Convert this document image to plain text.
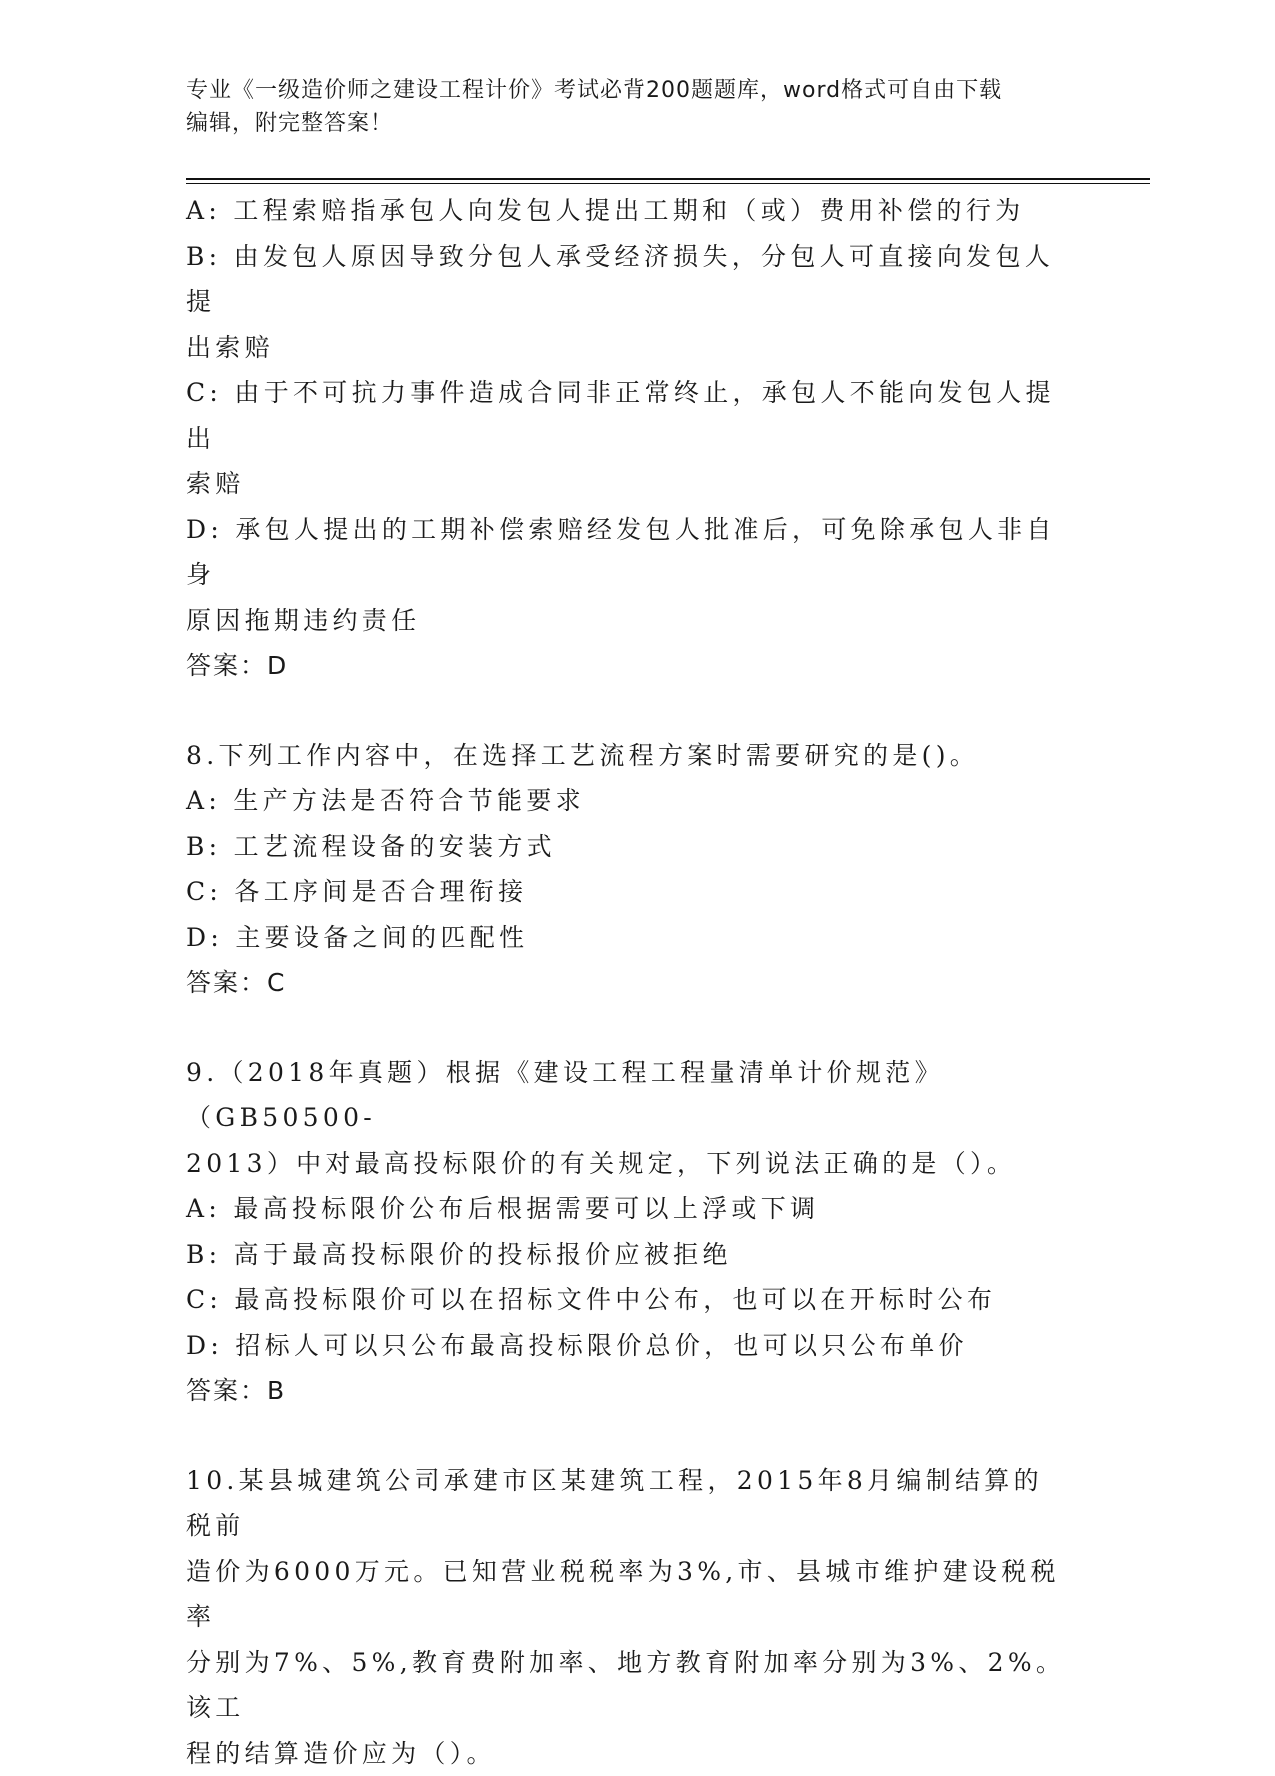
专业《一级造价师之建设工程计价》考试必背200题题库，word格式可自由下载
编辑，附完整答案！
A: 工程索赔指承包人向发包人提出工期和（或）费用补偿的行为
B: 由发包人原因导致分包人承受经济损失，分包人可直接向发包人提
出索赔
C: 由于不可抗力事件造成合同非正常终止，承包人不能向发包人提出
索赔
D: 承包人提出的工期补偿索赔经发包人批准后，可免除承包人非自身
原因拖期违约责任
答案：D
8.下列工作内容中，在选择工艺流程方案时需要研究的是()。
A: 生产方法是否符合节能要求
B: 工艺流程设备的安装方式
C: 各工序间是否合理衔接
D: 主要设备之间的匹配性
答案：C
9.（2018年真题）根据《建设工程工程量清单计价规范》（GB50500-
2013）中对最高投标限价的有关规定，下列说法正确的是（）。
A: 最高投标限价公布后根据需要可以上浮或下调
B: 高于最高投标限价的投标报价应被拒绝
C: 最高投标限价可以在招标文件中公布，也可以在开标时公布
D: 招标人可以只公布最高投标限价总价，也可以只公布单价
答案：B
10.某县城建筑公司承建市区某建筑工程，2015年8月编制结算的税前
造价为6000万元。已知营业税税率为3%,市、县城市维护建设税税率
分别为7%、5%,教育费附加率、地方教育附加率分别为3%、2%。该工
程的结算造价应为（）。
